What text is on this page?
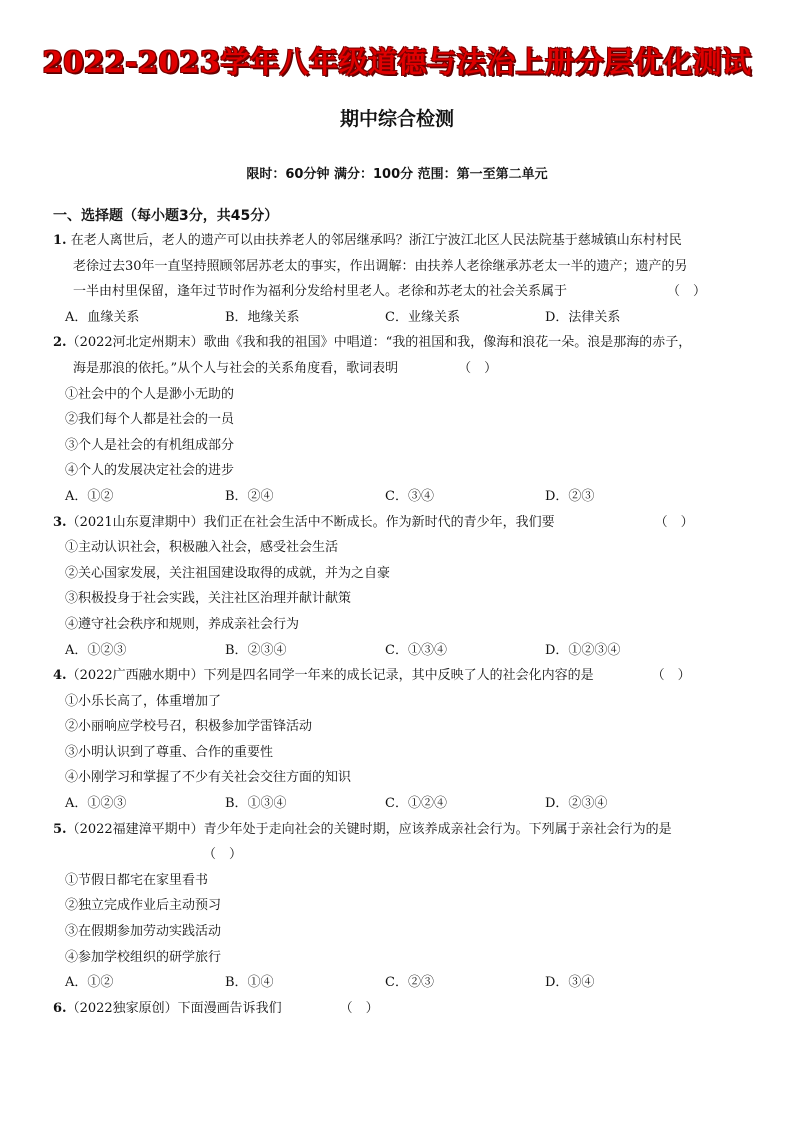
2022-2023学年八年级道德与法治上册分层优化测试
期中综合检测
限时：60分钟 满分：100分 范围：第一至第二单元
一、选择题（每小题3分，共45分）
1. 在老人离世后，老人的遗产可以由扶养老人的邻居继承吗？浙江宁波江北区人民法院基于慈城镇山东村村民
老徐过去30年一直坚持照顾邻居苏老太的事实，作出调解：由扶养人老徐继承苏老太一半的遗产；遗产的另
一半由村里保留，逢年过节时作为福利分发给村里老人。老徐和苏老太的社会关系属于	（　）
A．血缘关系	B．地缘关系	C．业缘关系	D．法律关系
2.（2022河北定州期末）歌曲《我和我的祖国》中唱道：“我的祖国和我，像海和浪花一朵。浪是那海的赤子，
海是那浪的依托。”从个人与社会的关系角度看，歌词表明	（　）
①社会中的个人是渺小无助的
②我们每个人都是社会的一员
③个人是社会的有机组成部分
④个人的发展决定社会的进步
A．①②	B．②④	C．③④	D．②③
3.（2021山东夏津期中）我们正在社会生活中不断成长。作为新时代的青少年，我们要	（　）
①主动认识社会，积极融入社会，感受社会生活
②关心国家发展，关注祖国建设取得的成就，并为之自豪
③积极投身于社会实践，关注社区治理并献计献策
④遵守社会秩序和规则，养成亲社会行为
A．①②③	B．②③④	C．①③④	D．①②③④
4.（2022广西融水期中）下列是四名同学一年来的成长记录，其中反映了人的社会化内容的是	（　）
①小乐长高了，体重增加了
②小丽响应学校号召，积极参加学雷锋活动
③小明认识到了尊重、合作的重要性
④小刚学习和掌握了不少有关社会交往方面的知识
A．①②③	B．①③④	C．①②④	D．②③④
5.（2022福建漳平期中）青少年处于走向社会的关键时期，应该养成亲社会行为。下列属于亲社会行为的是
（　）
①节假日都宅在家里看书
②独立完成作业后主动预习
③在假期参加劳动实践活动
④参加学校组织的研学旅行
A．①②	B．①④	C．②③	D．③④
6.（2022独家原创）下面漫画告诉我们	（　）
